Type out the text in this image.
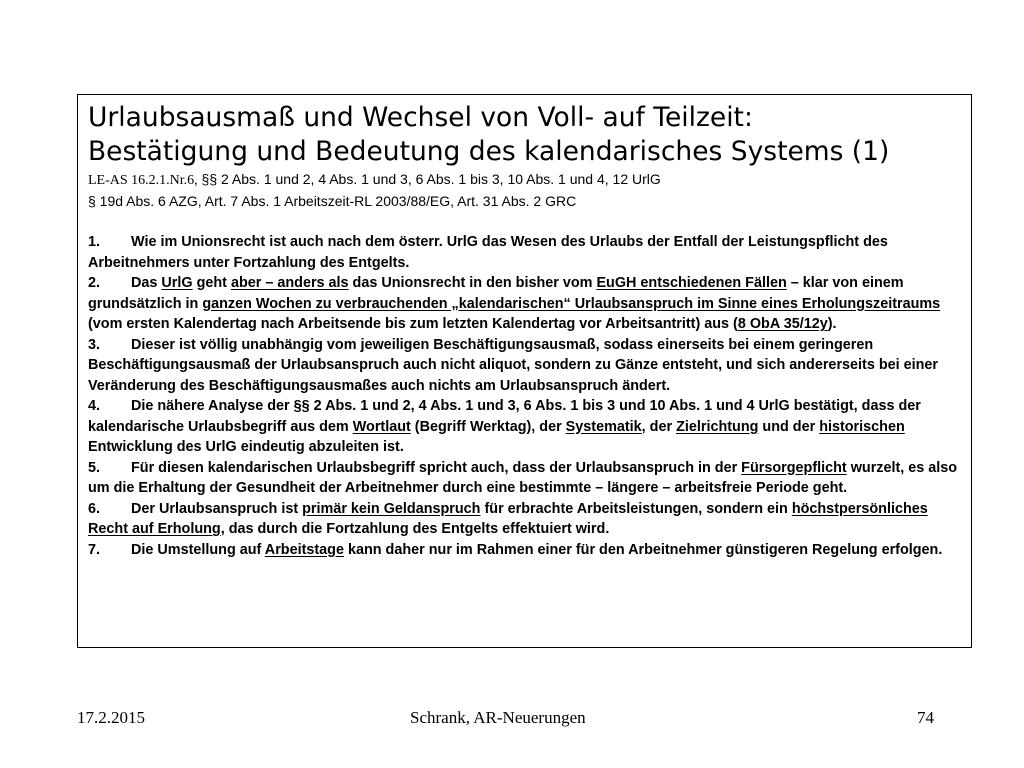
Urlaubsausmaß und Wechsel von Voll- auf Teilzeit:
Bestätigung und Bedeutung des kalendarisches Systems (1)
LE-AS 16.2.1.Nr.6, §§ 2 Abs. 1 und 2, 4 Abs. 1 und 3, 6 Abs. 1 bis 3, 10 Abs. 1 und 4, 12 UrlG
§ 19d Abs. 6 AZG, Art. 7 Abs. 1 Arbeitszeit-RL 2003/88/EG, Art. 31 Abs. 2 GRC
1. Wie im Unionsrecht ist auch nach dem österr. UrlG das Wesen des Urlaubs der Entfall der Leistungspflicht des Arbeitnehmers unter Fortzahlung des Entgelts.
2. Das UrlG geht aber – anders als das Unionsrecht in den bisher vom EuGH entschiedenen Fällen – klar von einem grundsätzlich in ganzen Wochen zu verbrauchenden „kalendarischen“ Urlaubsanspruch im Sinne eines Erholungszeitraums (vom ersten Kalendertag nach Arbeitsende bis zum letzten Kalendertag vor Arbeitsantritt) aus (8 ObA 35/12y).
3. Dieser ist völlig unabhängig vom jeweiligen Beschäftigungsausmaß, sodass einerseits bei einem geringeren Beschäftigungsausmaß der Urlaubsanspruch auch nicht aliquot, sondern zu Gänze entsteht, und sich andererseits bei einer Veränderung des Beschäftigungsausmaßes auch nichts am Urlaubsanspruch ändert.
4. Die nähere Analyse der §§ 2 Abs. 1 und 2, 4 Abs. 1 und 3, 6 Abs. 1 bis 3 und 10 Abs. 1 und 4 UrlG bestätigt, dass der kalendarische Urlaubsbegriff aus dem Wortlaut (Begriff Werktag), der Systematik, der Zielrichtung und der historischen Entwicklung des UrlG eindeutig abzuleiten ist.
5. Für diesen kalendarischen Urlaubsbegriff spricht auch, dass der Urlaubsanspruch in der Fürsorgepflicht wurzelt, es also um die Erhaltung der Gesundheit der Arbeitnehmer durch eine bestimmte – längere – arbeitsfreie Periode geht.
6. Der Urlaubsanspruch ist primär kein Geldanspruch für erbrachte Arbeitsleistungen, sondern ein höchstpersönliches Recht auf Erholung, das durch die Fortzahlung des Entgelts effektuiert wird.
7. Die Umstellung auf Arbeitstage kann daher nur im Rahmen einer für den Arbeitnehmer günstigeren Regelung erfolgen.
17.2.2015	Schrank, AR-Neuerungen	74
